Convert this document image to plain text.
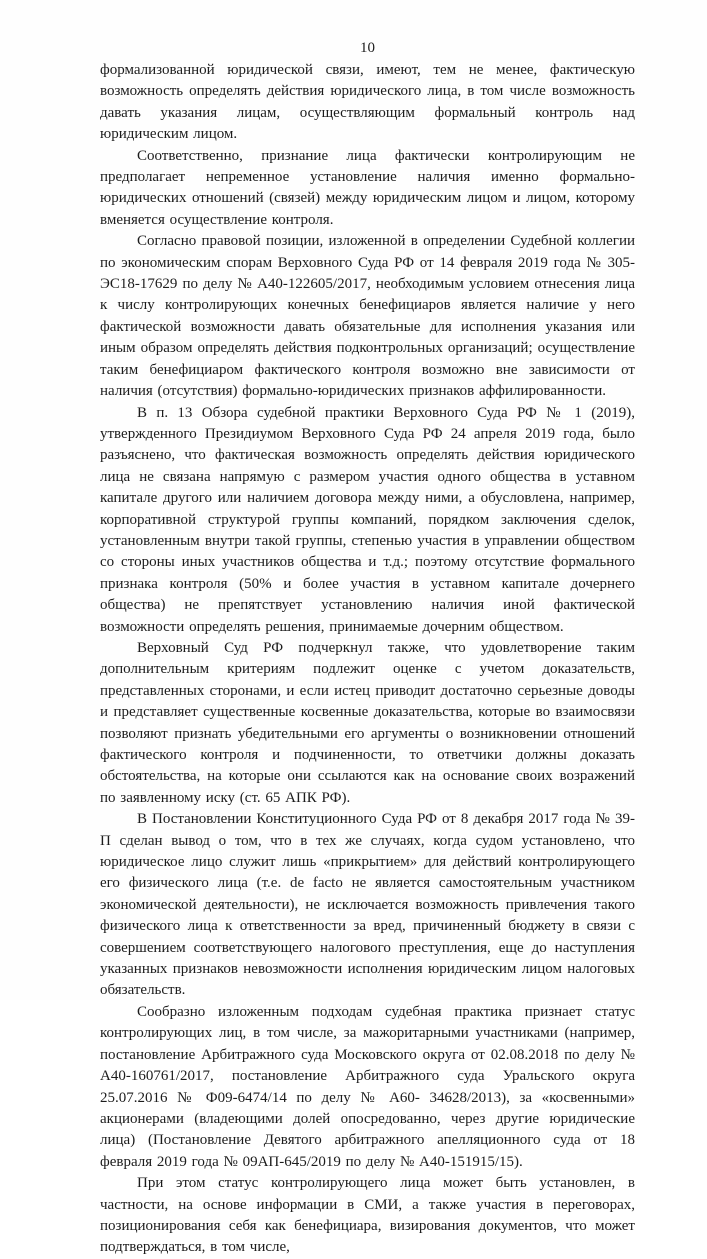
10

формализованной юридической связи, имеют, тем не менее, фактическую возможность определять действия юридического лица, в том числе возможность давать указания лицам, осуществляющим формальный контроль над юридическим лицом.

Соответственно, признание лица фактически контролирующим не предполагает непременное установление наличия именно формально-юридических отношений (связей) между юридическим лицом и лицом, которому вменяется осуществление контроля.

Согласно правовой позиции, изложенной в определении Судебной коллегии по экономическим спорам Верховного Суда РФ от 14 февраля 2019 года № 305-ЭС18-17629 по делу № А40-122605/2017, необходимым условием отнесения лица к числу контролирующих конечных бенефициаров является наличие у него фактической возможности давать обязательные для исполнения указания или иным образом определять действия подконтрольных организаций; осуществление таким бенефициаром фактического контроля возможно вне зависимости от наличия (отсутствия) формально-юридических признаков аффилированности.

В п. 13 Обзора судебной практики Верховного Суда РФ № 1 (2019), утвержденного Президиумом Верховного Суда РФ 24 апреля 2019 года, было разъяснено, что фактическая возможность определять действия юридического лица не связана напрямую с размером участия одного общества в уставном капитале другого или наличием договора между ними, а обусловлена, например, корпоративной структурой группы компаний, порядком заключения сделок, установленным внутри такой группы, степенью участия в управлении обществом со стороны иных участников общества и т.д.; поэтому отсутствие формального признака контроля (50% и более участия в уставном капитале дочернего общества) не препятствует установлению наличия иной фактической возможности определять решения, принимаемые дочерним обществом.

Верховный Суд РФ подчеркнул также, что удовлетворение таким дополнительным критериям подлежит оценке с учетом доказательств, представленных сторонами, и если истец приводит достаточно серьезные доводы и представляет существенные косвенные доказательства, которые во взаимосвязи позволяют признать убедительными его аргументы о возникновении отношений фактического контроля и подчиненности, то ответчики должны доказать обстоятельства, на которые они ссылаются как на основание своих возражений по заявленному иску (ст. 65 АПК РФ).

В Постановлении Конституционного Суда РФ от 8 декабря 2017 года № 39-П сделан вывод о том, что в тех же случаях, когда судом установлено, что юридическое лицо служит лишь «прикрытием» для действий контролирующего его физического лица (т.е. de facto не является самостоятельным участником экономической деятельности), не исключается возможность привлечения такого физического лица к ответственности за вред, причиненный бюджету в связи с совершением соответствующего налогового преступления, еще до наступления указанных признаков невозможности исполнения юридическим лицом налоговых обязательств.

Сообразно изложенным подходам судебная практика признает статус контролирующих лиц, в том числе, за мажоритарными участниками (например, постановление Арбитражного суда Московского округа от 02.08.2018 по делу № А40-160761/2017, постановление Арбитражного суда Уральского округа 25.07.2016 № Ф09-6474/14 по делу № А60- 34628/2013), за «косвенными» акционерами (владеющими долей опосредованно, через другие юридические лица) (Постановление Девятого арбитражного апелляционного суда от 18 февраля 2019 года № 09АП-645/2019 по делу № А40-151915/15).

При этом статус контролирующего лица может быть установлен, в частности, на основе информации в СМИ, а также участия в переговорах, позиционирования себя как бенефициара, визирования документов, что может подтверждаться, в том числе,
